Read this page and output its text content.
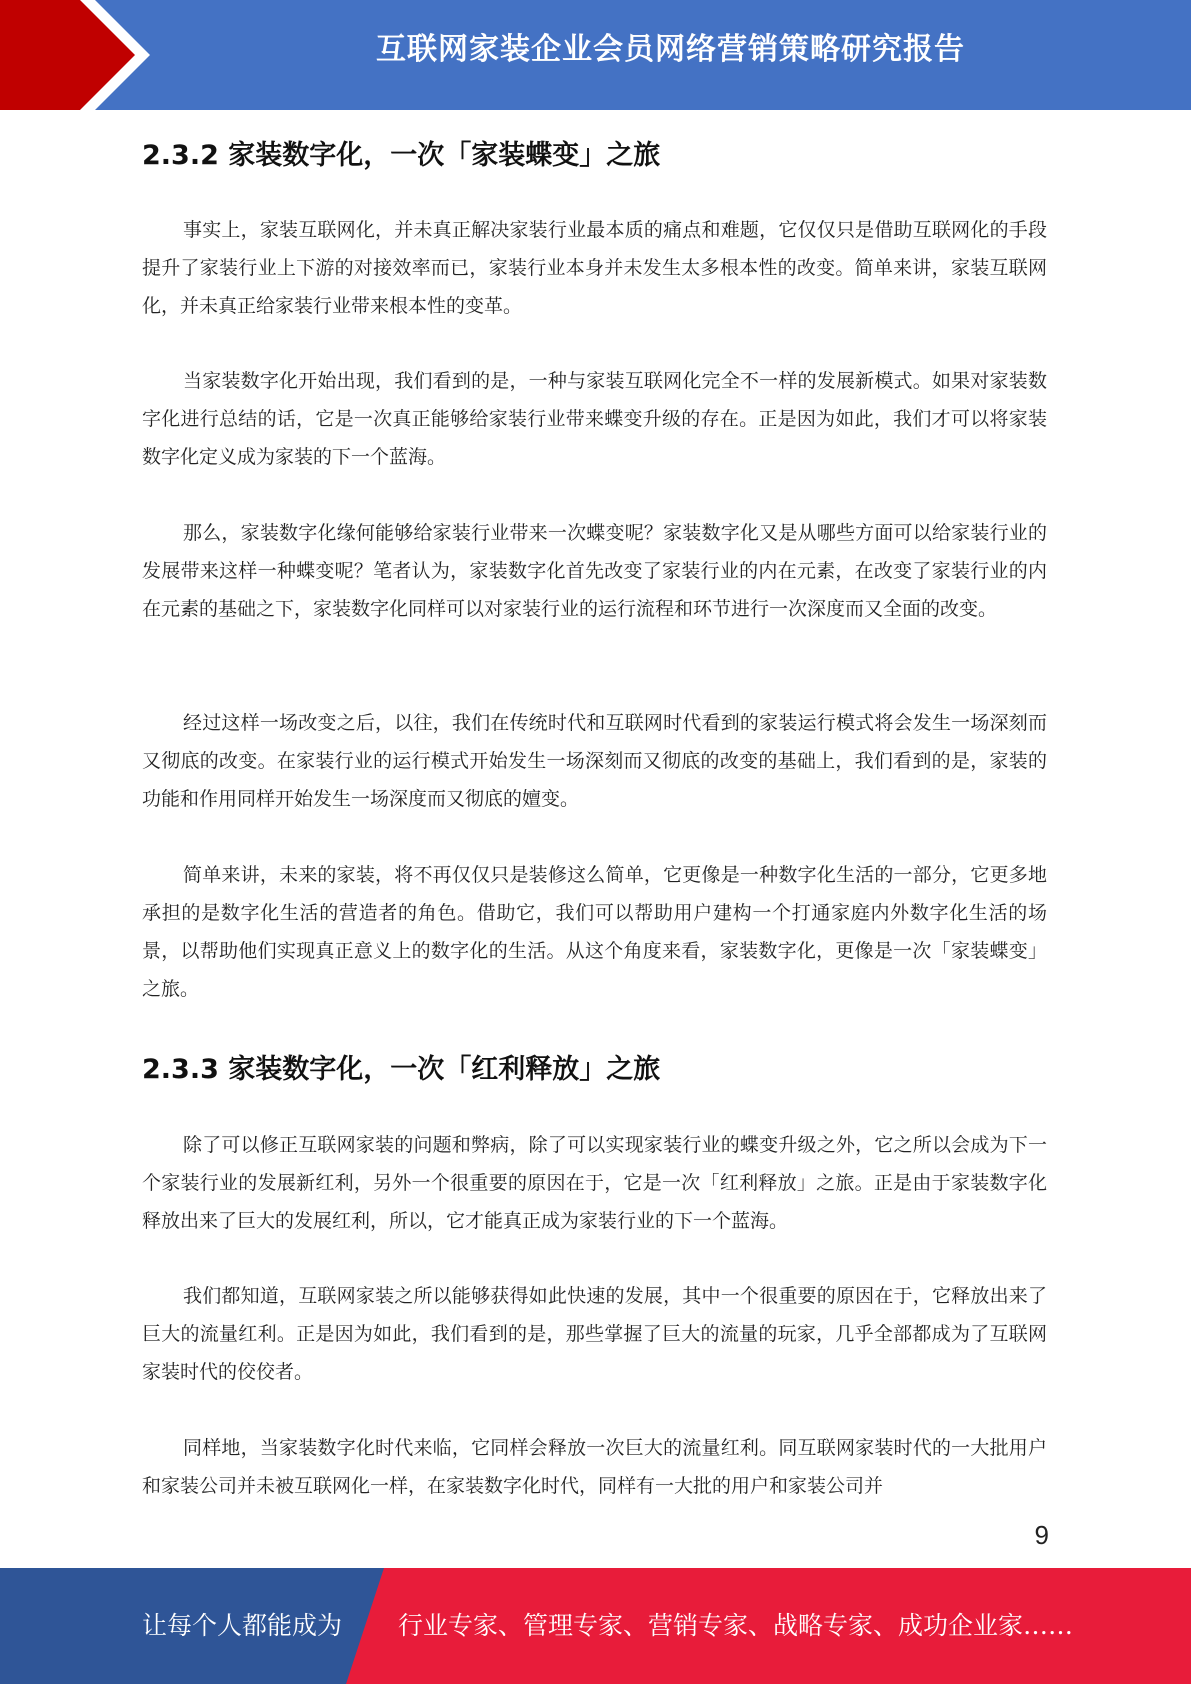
互联网家装企业会员网络营销策略研究报告
2.3.2 家装数字化，一次「家装蝶变」之旅

事实上，家装互联网化，并未真正解决家装行业最本质的痛点和难题，它仅仅只是借助互联网化的手段提升了家装行业上下游的对接效率而已，家装行业本身并未发生太多根本性的改变。简单来讲，家装互联网化，并未真正给家装行业带来根本性的变革。

当家装数字化开始出现，我们看到的是，一种与家装互联网化完全不一样的发展新模式。如果对家装数字化进行总结的话，它是一次真正能够给家装行业带来蝶变升级的存在。正是因为如此，我们才可以将家装数字化定义成为家装的下一个蓝海。

那么，家装数字化缘何能够给家装行业带来一次蝶变呢？家装数字化又是从哪些方面可以给家装行业的发展带来这样一种蝶变呢？笔者认为，家装数字化首先改变了家装行业的内在元素，在改变了家装行业的内在元素的基础之下，家装数字化同样可以对家装行业的运行流程和环节进行一次深度而又全面的改变。

经过这样一场改变之后，以往，我们在传统时代和互联网时代看到的家装运行模式将会发生一场深刻而又彻底的改变。在家装行业的运行模式开始发生一场深刻而又彻底的改变的基础上，我们看到的是，家装的功能和作用同样开始发生一场深度而又彻底的嬗变。

简单来讲，未来的家装，将不再仅仅只是装修这么简单，它更像是一种数字化生活的一部分，它更多地承担的是数字化生活的营造者的角色。借助它，我们可以帮助用户建构一个打通家庭内外数字化生活的场景，以帮助他们实现真正意义上的数字化的生活。从这个角度来看，家装数字化，更像是一次「家装蝶变」之旅。

2.3.3 家装数字化，一次「红利释放」之旅

除了可以修正互联网家装的问题和弊病，除了可以实现家装行业的蝶变升级之外，它之所以会成为下一个家装行业的发展新红利，另外一个很重要的原因在于，它是一次「红利释放」之旅。正是由于家装数字化释放出来了巨大的发展红利，所以，它才能真正成为家装行业的下一个蓝海。

我们都知道，互联网家装之所以能够获得如此快速的发展，其中一个很重要的原因在于，它释放出来了巨大的流量红利。正是因为如此，我们看到的是，那些掌握了巨大的流量的玩家，几乎全部都成为了互联网家装时代的佼佼者。

同样地，当家装数字化时代来临，它同样会释放一次巨大的流量红利。同互联网家装时代的一大批用户和家装公司并未被互联网化一样，在家装数字化时代，同样有一大批的用户和家装公司并

9
让每个人都能成为 行业专家、管理专家、营销专家、战略专家、成功企业家……
